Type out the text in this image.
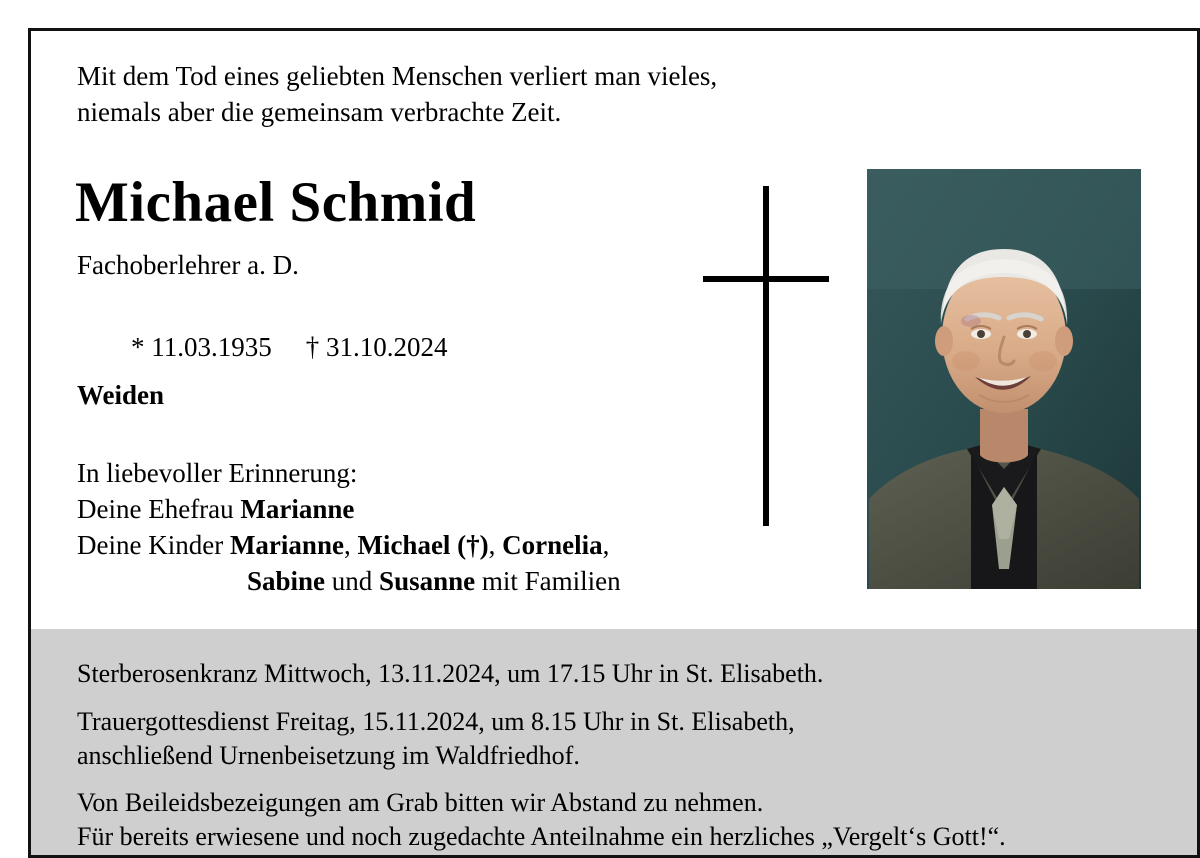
Mit dem Tod eines geliebten Menschen verliert man vieles,
niemals aber die gemeinsam verbrachte Zeit.
Michael Schmid
Fachoberlehrer a. D.

* 11.03.1935 † 31.10.2024

Weiden
In liebevoller Erinnerung:
Deine Ehefrau Marianne
Deine Kinder Marianne, Michael (†), Cornelia,
Sabine und Susanne mit Familien
Sterberosenkranz Mittwoch, 13.11.2024, um 17.15 Uhr in St. Elisabeth.
Trauergottesdienst Freitag, 15.11.2024, um 8.15 Uhr in St. Elisabeth,
anschließend Urnenbeisetzung im Waldfriedhof.
Von Beileidsbezeigungen am Grab bitten wir Abstand zu nehmen.
Für bereits erwiesene und noch zugedachte Anteilnahme ein herzliches „Vergelt‘s Gott!“.
